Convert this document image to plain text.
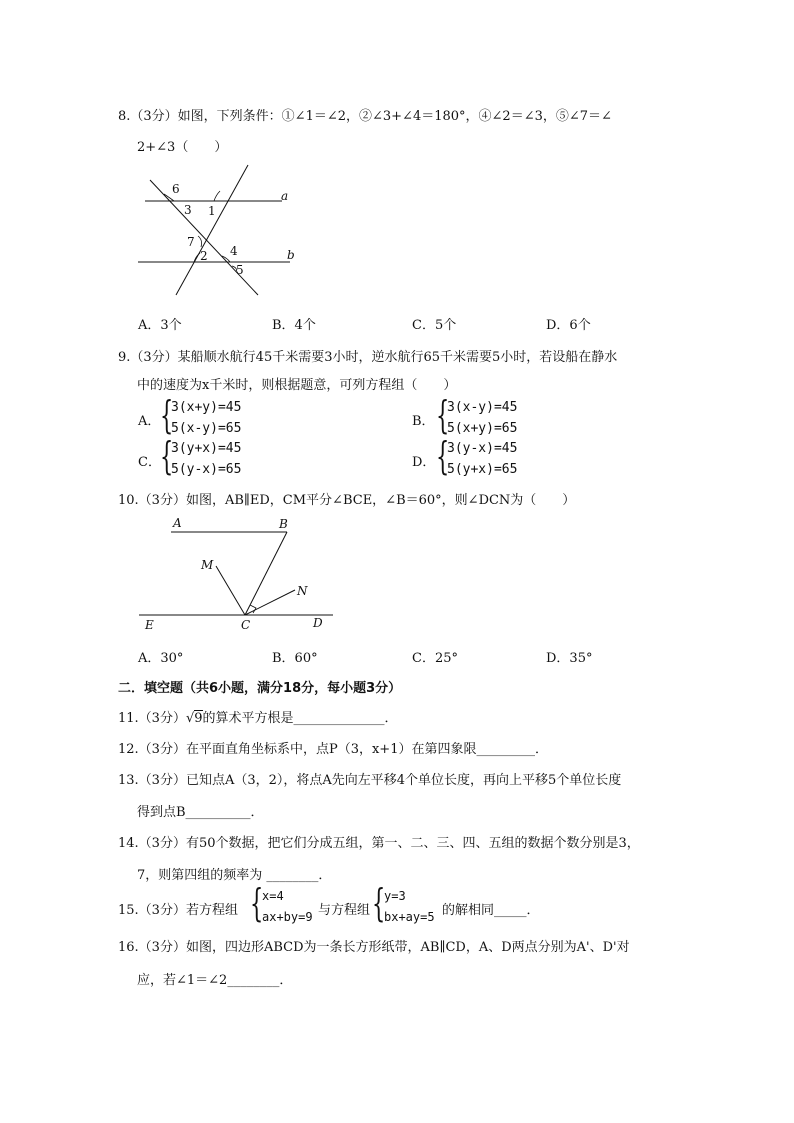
8.（3分）如图，下列条件：①∠1＝∠2，②∠3+∠4＝180°，④∠2＝∠3，⑤∠7＝∠
2+∠3（　　）
6
3 1
a
7
2 4
5
b
A．3个	B．4个	C．5个	D．6个
9.（3分）某船顺水航行45千米需要3小时，逆水航行65千米需要5小时，若设船在静水
中的速度为x千米时，则根据题意，可列方程组（　　）
A． {
3(x+y)=45
5(x-y)=65	B． {
3(x-y)=45
5(x+y)=65
C． {
3(y+x)=45
5(y-x)=65	D． {
3(y-x)=45
5(y+x)=65
10.（3分）如图，AB∥ED，CM平分∠BCE，∠B＝60°，则∠DCN为（　　）
A	B
M
N
E	C	D
A．30°	B．60°	C．25°	D．35°
二．填空题（共6小题，满分18分，每小题3分）
11.（3分）√9的算术平方根是______________．
12.（3分）在平面直角坐标系中，点P（3，x+1）在第四象限_________．
13.（3分）已知点A（3，2），将点A先向左平移4个单位长度，再向上平移5个单位长度
得到点B__________．
14.（3分）有50个数据，把它们分成五组，第一、二、三、四、五组的数据个数分别是3，
7，则第四组的频率为 ________．
15.（3分）若方程组 {
x=4
ax+by=9 与方程组 {
y=3
bx+ay=5 的解相同_____．
16.（3分）如图，四边形ABCD为一条长方形纸带，AB∥CD，A、D两点分别为A'、D'对
应，若∠1＝∠2________．
